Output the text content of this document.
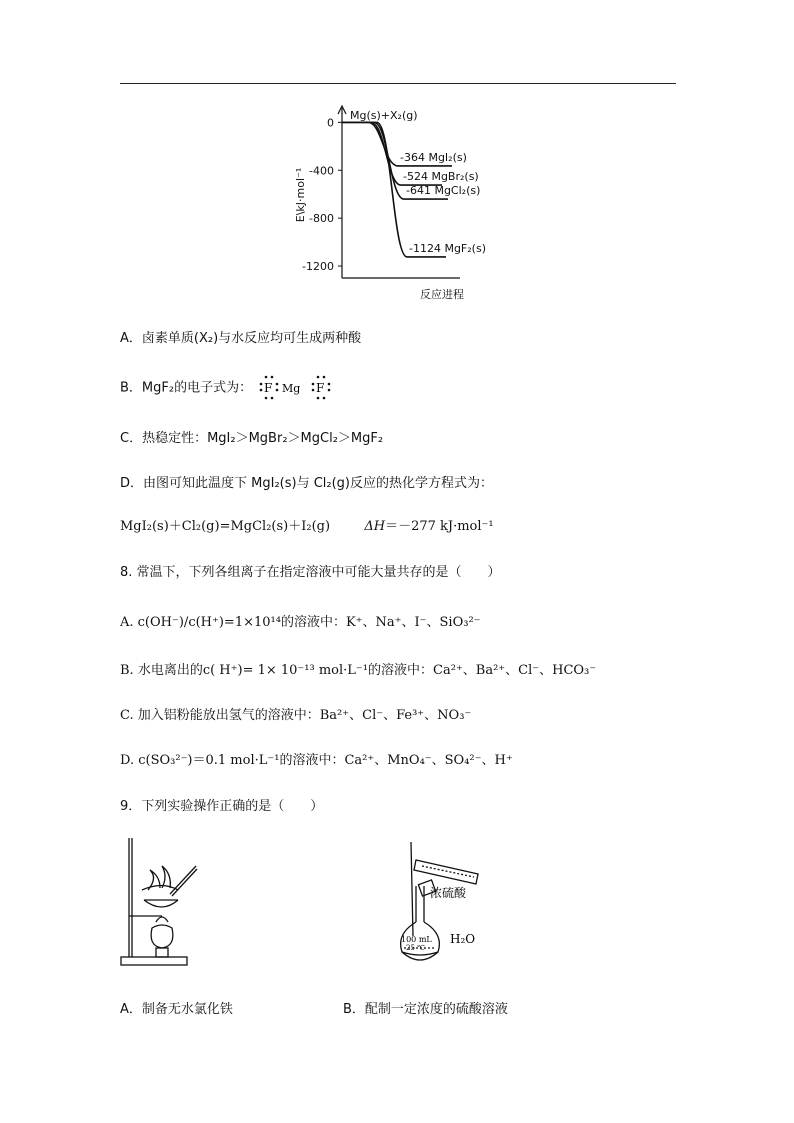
0
-400
-800
-1200
E\kJ·mol⁻¹
反应进程
Mg(s)+X₂(g)
-364 MgI₂(s)
-524 MgBr₂(s)
-641 MgCl₂(s)
-1124 MgF₂(s)
A．卤素单质(X₂)与水反应均可生成两种酸
B．MgF₂的电子式为： F Mg F
C．热稳定性：MgI₂＞MgBr₂＞MgCl₂＞MgF₂
D．由图可知此温度下 MgI₂(s)与 Cl₂(g)反应的热化学方程式为：
MgI₂(s)＋Cl₂(g)=MgCl₂(s)＋I₂(g)	ΔH＝－277 kJ·mol⁻¹
8. 常温下，下列各组离子在指定溶液中可能大量共存的是（　　）
A. c(OH⁻)/c(H⁺)=1×10¹⁴的溶液中：K⁺、Na⁺、I⁻、SiO₃²⁻
B. 水电离出的c( H⁺)= 1× 10⁻¹³ mol·L⁻¹的溶液中：Ca²⁺、Ba²⁺、Cl⁻、HCO₃⁻
C. 加入铝粉能放出氢气的溶液中：Ba²⁺、Cl⁻、Fe³⁺、NO₃⁻
D. c(SO₃²⁻)＝0.1 mol·L⁻¹的溶液中：Ca²⁺、MnO₄⁻、SO₄²⁻、H⁺
9．下列实验操作正确的是（　　）
浓硫酸
H₂O
100 mL
25 ℃
A．制备无水氯化铁	B．配制一定浓度的硫酸溶液
